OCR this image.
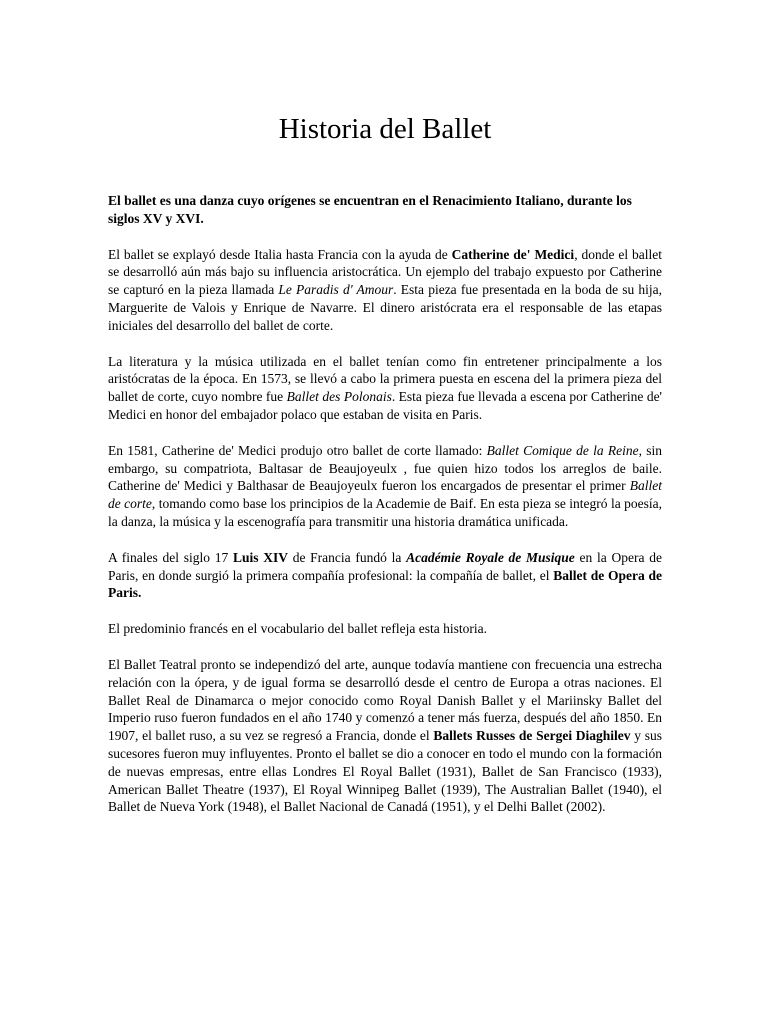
Historia del Ballet

El ballet es una danza cuyo orígenes se encuentran en el Renacimiento Italiano, durante los siglos XV y XVI.

El ballet se explayó desde Italia hasta Francia con la ayuda de Catherine de' Medici, donde el ballet se desarrolló aún más bajo su influencia aristocrática. Un ejemplo del trabajo expuesto por Catherine se capturó en la pieza llamada Le Paradis d' Amour. Esta pieza fue presentada en la boda de su hija, Marguerite de Valois y Enrique de Navarre. El dinero aristócrata era el responsable de las etapas iniciales del desarrollo del ballet de corte.

La literatura y la música utilizada en el ballet tenían como fin entretener principalmente a los aristócratas de la época. En 1573, se llevó a cabo la primera puesta en escena del la primera pieza del ballet de corte, cuyo nombre fue Ballet des Polonais. Esta pieza fue llevada a escena por Catherine de' Medici en honor del embajador polaco que estaban de visita en Paris.

En 1581, Catherine de' Medici produjo otro ballet de corte llamado: Ballet Comique de la Reine, sin embargo, su compatriota, Baltasar de Beaujoyeulx , fue quien hizo todos los arreglos de baile. Catherine de' Medici y Balthasar de Beaujoyeulx fueron los encargados de presentar el primer Ballet de corte, tomando como base los principios de la Academie de Baif. En esta pieza se integró la poesía, la danza, la música y la escenografía para transmitir una historia dramática unificada.

A finales del siglo 17 Luis XIV de Francia fundó la Académie Royale de Musique en la Opera de Paris, en donde surgió la primera compañía profesional: la compañía de ballet, el Ballet de Opera de Paris.

El predominio francés en el vocabulario del ballet refleja esta historia.

El Ballet Teatral pronto se independizó del arte, aunque todavía mantiene con frecuencia una estrecha relación con la ópera, y de igual forma se desarrolló desde el centro de Europa a otras naciones. El Ballet Real de Dinamarca o mejor conocido como Royal Danish Ballet y el Mariinsky Ballet del Imperio ruso fueron fundados en el año 1740 y comenzó a tener más fuerza, después del año 1850. En 1907, el ballet ruso, a su vez se regresó a Francia, donde el Ballets Russes de Sergei Diaghilev y sus sucesores fueron muy influyentes. Pronto el ballet se dio a conocer en todo el mundo con la formación de nuevas empresas, entre ellas Londres El Royal Ballet (1931), Ballet de San Francisco (1933), American Ballet Theatre (1937), El Royal Winnipeg Ballet (1939), The Australian Ballet (1940), el Ballet de Nueva York (1948), el Ballet Nacional de Canadá (1951), y el Delhi Ballet (2002).
